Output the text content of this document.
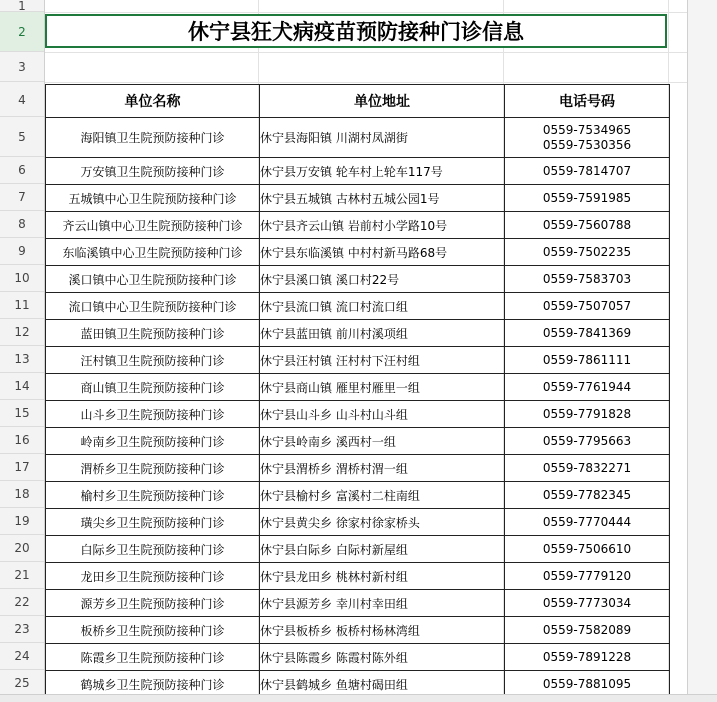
1
2
3
4
5
6
7
8
9
10
11
12
13
14
15
16
17
18
19
20
21
22
23
24
25
休宁县狂犬病疫苗预防接种门诊信息
单位名称	单位地址	电话号码
海阳镇卫生院预防接种门诊	休宁县海阳镇 川湖村凤湖街	0559-7534965
0559-7530356

万安镇卫生院预防接种门诊	休宁县万安镇 轮车村上轮车117号	0559-7814707

五城镇中心卫生院预防接种门诊	休宁县五城镇 古林村五城公园1号	0559-7591985

齐云山镇中心卫生院预防接种门诊	休宁县齐云山镇 岩前村小学路10号	0559-7560788

东临溪镇中心卫生院预防接种门诊	休宁县东临溪镇 中村村新马路68号	0559-7502235

溪口镇中心卫生院预防接种门诊	休宁县溪口镇 溪口村22号	0559-7583703

流口镇中心卫生院预防接种门诊	休宁县流口镇 流口村流口组	0559-7507057

蓝田镇卫生院预防接种门诊	休宁县蓝田镇 前川村溪项组	0559-7841369

汪村镇卫生院预防接种门诊	休宁县汪村镇 汪村村下汪村组	0559-7861111

商山镇卫生院预防接种门诊	休宁县商山镇 雁里村雁里一组	0559-7761944

山斗乡卫生院预防接种门诊	休宁县山斗乡 山斗村山斗组	0559-7791828

岭南乡卫生院预防接种门诊	休宁县岭南乡 溪西村一组	0559-7795663

渭桥乡卫生院预防接种门诊	休宁县渭桥乡 渭桥村渭一组	0559-7832271

榆村乡卫生院预防接种门诊	休宁县榆村乡 富溪村二柱南组	0559-7782345

璜尖乡卫生院预防接种门诊	休宁县黄尖乡 徐家村徐家桥头	0559-7770444

白际乡卫生院预防接种门诊	休宁县白际乡 白际村新屋组	0559-7506610

龙田乡卫生院预防接种门诊	休宁县龙田乡 桃林村新村组	0559-7779120

源芳乡卫生院预防接种门诊	休宁县源芳乡 幸川村幸田组	0559-7773034

板桥乡卫生院预防接种门诊	休宁县板桥乡 板桥村杨林湾组	0559-7582089

陈霞乡卫生院预防接种门诊	休宁县陈霞乡 陈霞村陈外组	0559-7891228

鹤城乡卫生院预防接种门诊	休宁县鹤城乡 鱼塘村碣田组	0559-7881095
